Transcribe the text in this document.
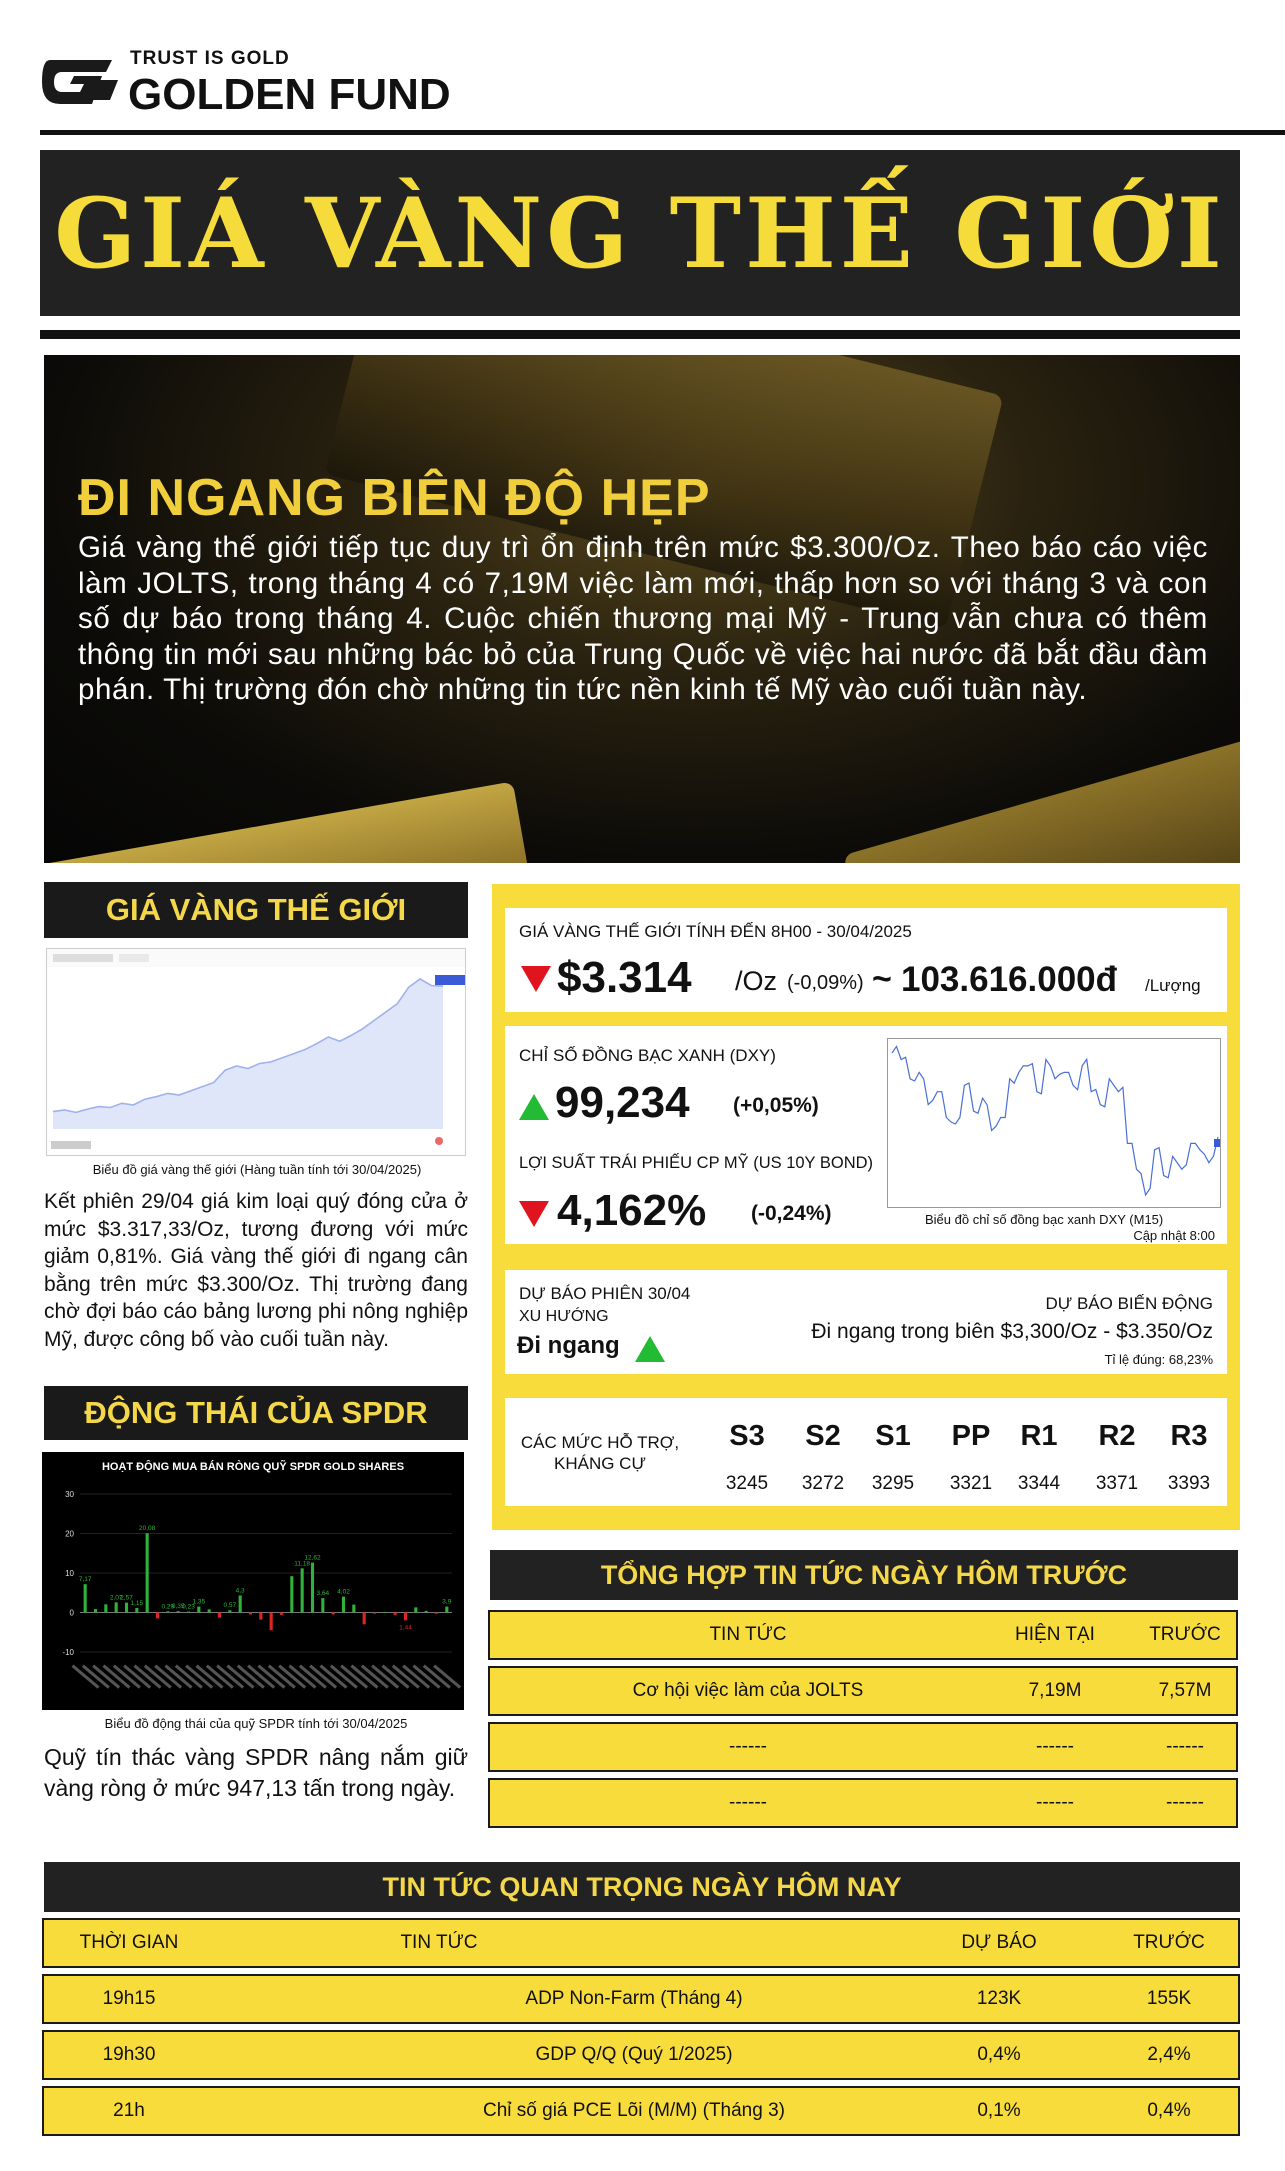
TRUST IS GOLD
GOLDEN FUND
GIÁ VÀNG THẾ GIỚI
ĐI NGANG BIÊN ĐỘ HẸP
Giá vàng thế giới tiếp tục duy trì ổn định trên mức $3.300/Oz. Theo báo cáo việc làm JOLTS, trong tháng 4 có 7,19M việc làm mới, thấp hơn so với tháng 3 và con số dự báo trong tháng 4. Cuộc chiến thương mại Mỹ - Trung vẫn chưa có thêm thông tin mới sau những bác bỏ của Trung Quốc về việc hai nước đã bắt đầu đàm phán. Thị trường đón chờ những tin tức nền kinh tế Mỹ vào cuối tuần này.
GIÁ VÀNG THẾ GIỚI
Biểu đồ giá vàng thế giới (Hàng tuần tính tới 30/04/2025)
Kết phiên 29/04 giá kim loại quý đóng cửa ở mức $3.317,33/Oz, tương đương với mức giảm 0,81%. Giá vàng thế giới đi ngang cân bằng trên mức $3.300/Oz. Thị trường đang chờ đợi báo cáo bảng lương phi nông nghiệp Mỹ, được công bố vào cuối tuần này.
ĐỘNG THÁI CỦA SPDR
HOẠT ĐỘNG MUA BÁN RÒNG QUỸ SPDR GOLD SHARES
30
20
10
0
-10
7,17
2,07
2,57
1,15
20,08
0,29
0,35
1,35
0,23	0,57
4,3
11,18
12,62
3,64 4,02
1,44
3,9
Biểu đồ động thái của quỹ SPDR tính tới 30/04/2025
Quỹ tín thác vàng SPDR nâng nắm giữ vàng ròng ở mức 947,13 tấn trong ngày.
GIÁ VÀNG THẾ GIỚI TÍNH ĐẾN 8H00 - 30/04/2025
$3.314 /Oz (-0,09%) ~ 103.616.000đ /Lượng
CHỈ SỐ ĐỒNG BẠC XANH (DXY)
99,234 (+0,05%)
LỢI SUẤT TRÁI PHIẾU CP MỸ (US 10Y BOND)
4,162% (-0,24%)	Biểu đồ chỉ số đồng bạc xanh DXY (M15)
Cập nhật 8:00
DỰ BÁO PHIÊN 30/04
XU HƯỚNG
Đi ngang
DỰ BÁO BIẾN ĐỘNG
Đi ngang trong biên $3,300/Oz - $3.350/Oz
Tỉ lệ đúng: 68,23%
CÁC MỨC HỖ TRỢ, KHÁNG CỰ
S3
3245
S2
3272
S1
3295
PP
3321
R1
3344
R2
3371
R3
3393
TỔNG HỢP TIN TỨC NGÀY HÔM TRƯỚC
TIN TỨC	HIỆN TẠI	TRƯỚC
Cơ hội việc làm của JOLTS	7,19M	7,57M
------	------	------
------	------	------
TIN TỨC QUAN TRỌNG NGÀY HÔM NAY
THỜI GIAN	TIN TỨC	DỰ BÁO	TRƯỚC
19h15	ADP Non-Farm (Tháng 4)	123K	155K
19h30	GDP Q/Q (Quý 1/2025)	0,4%	2,4%
21h	Chỉ số giá PCE Lõi (M/M) (Tháng 3)	0,1%	0,4%
